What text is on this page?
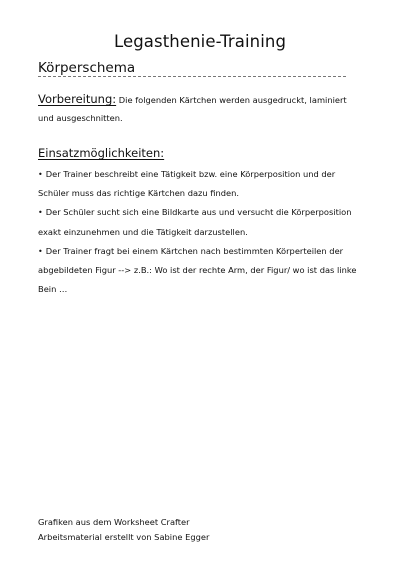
Legasthenie-Training
Körperschema
Vorbereitung: Die folgenden Kärtchen werden ausgedruckt, laminiert und ausgeschnitten.
Einsatzmöglichkeiten:
• Der Trainer beschreibt eine Tätigkeit bzw. eine Körperposition und der Schüler muss das richtige Kärtchen dazu finden.
• Der Schüler sucht sich eine Bildkarte aus und versucht die Körperposition exakt einzunehmen und die Tätigkeit darzustellen.
• Der Trainer fragt bei einem Kärtchen nach bestimmten Körperteilen der abgebildeten Figur --> z.B.: Wo ist der rechte Arm, der Figur/ wo ist das linke Bein …
Grafiken aus dem Worksheet Crafter
Arbeitsmaterial erstellt von Sabine Egger
